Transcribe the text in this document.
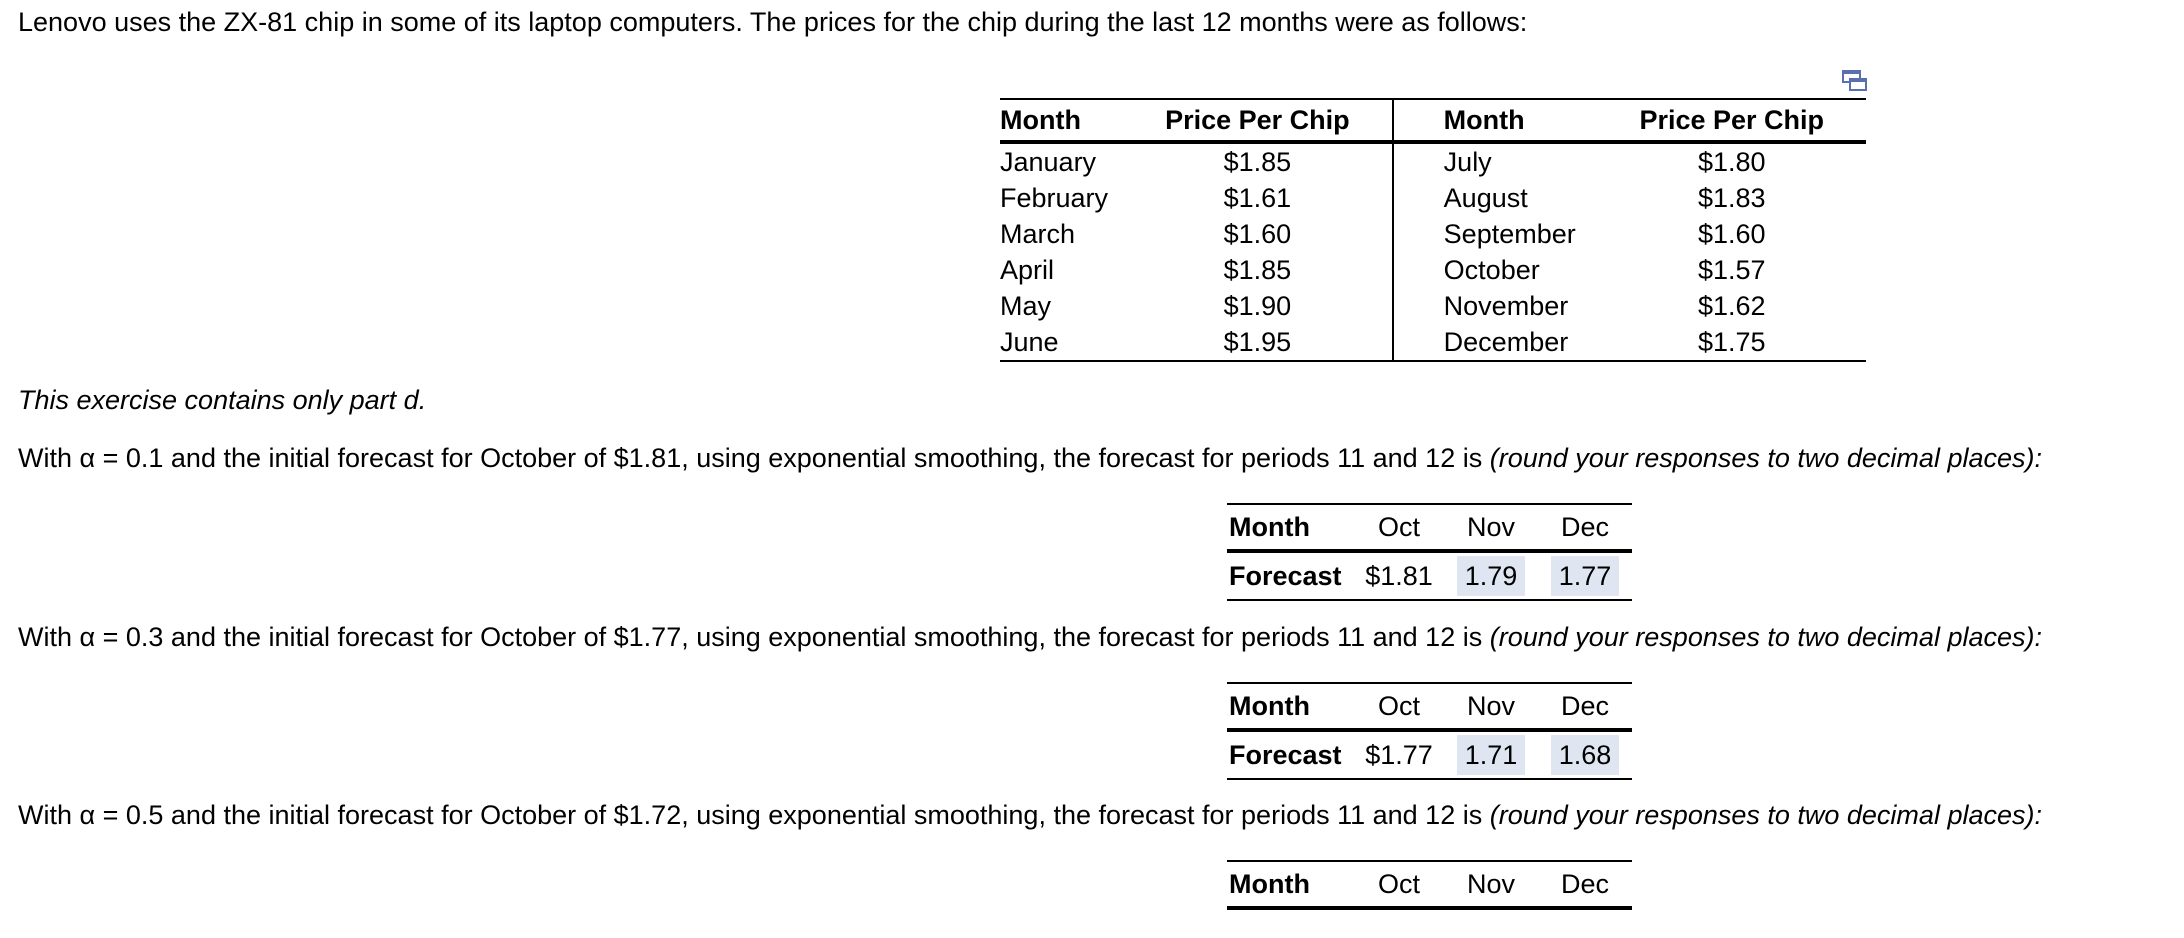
Lenovo uses the ZX-81 chip in some of its laptop computers. The prices for the chip during the last 12 months were as follows:
Month	Price Per Chip	Month	Price Per Chip
January	$1.85	July	$1.80
February	$1.61	August	$1.83
March	$1.60	September	$1.60
April	$1.85	October	$1.57
May	$1.90	November	$1.62
June	$1.95	December	$1.75
This exercise contains only part d.
With α = 0.1 and the initial forecast for October of $1.81, using exponential smoothing, the forecast for periods 11 and 12 is (round your responses to two decimal places):
Month	Oct	Nov	Dec
Forecast	$1.81	1.79	1.77
With α = 0.3 and the initial forecast for October of $1.77, using exponential smoothing, the forecast for periods 11 and 12 is (round your responses to two decimal places):
Month	Oct	Nov	Dec
Forecast	$1.77	1.71	1.68
With α = 0.5 and the initial forecast for October of $1.72, using exponential smoothing, the forecast for periods 11 and 12 is (round your responses to two decimal places):
Month	Oct	Nov	Dec
